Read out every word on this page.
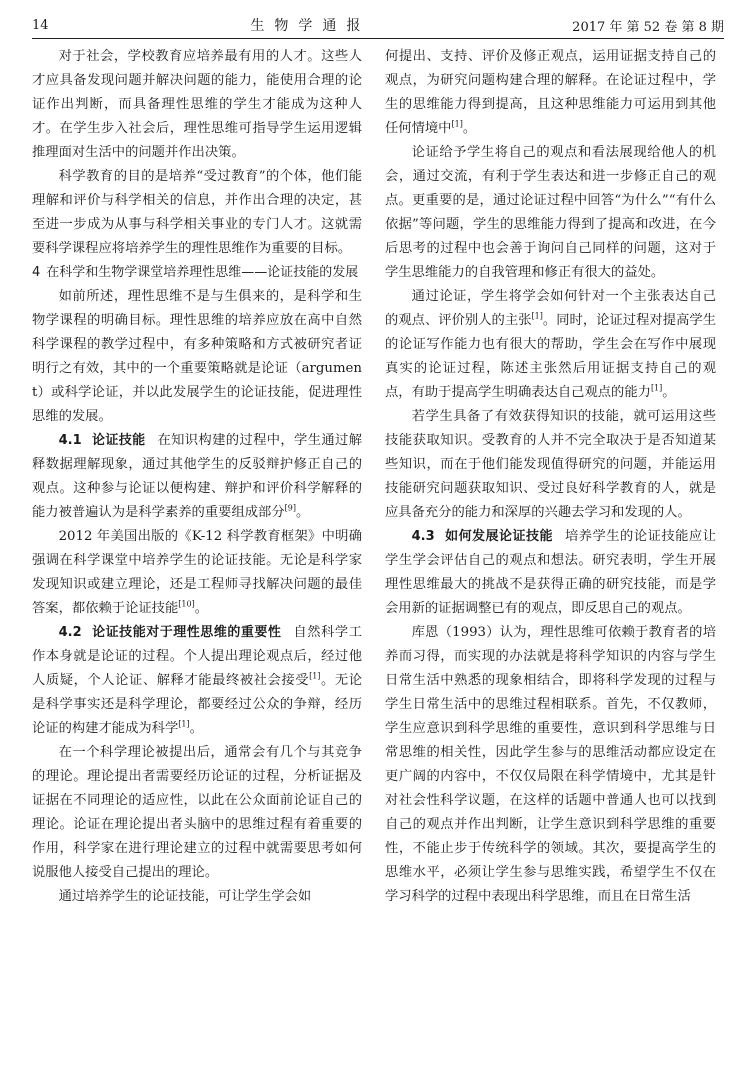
14	生物学通报	2017 年 第 52 卷 第 8 期

对于社会，学校教育应培养最有用的人才。这些人才应具备发现问题并解决问题的能力，能使用合理的论证作出判断，而具备理性思维的学生才能成为这种人才。在学生步入社会后，理性思维可指导学生运用逻辑推理面对生活中的问题并作出决策。

科学教育的目的是培养“受过教育”的个体，他们能理解和评价与科学相关的信息，并作出合理的决定，甚至进一步成为从事与科学相关事业的专门人才。这就需要科学课程应将培养学生的理性思维作为重要的目标。

4 在科学和生物学课堂培养理性思维——论证技能的发展

如前所述，理性思维不是与生俱来的，是科学和生物学课程的明确目标。理性思维的培养应放在高中自然科学课程的教学过程中，有多种策略和方式被研究者证明行之有效，其中的一个重要策略就是论证（argument）或科学论证，并以此发展学生的论证技能，促进理性思维的发展。

4.1 论证技能 在知识构建的过程中，学生通过解释数据理解现象，通过其他学生的反驳辩护修正自己的观点。这种参与论证以便构建、辩护和评价科学解释的能力被普遍认为是科学素养的重要组成部分[9]。

2012 年美国出版的《K-12 科学教育框架》中明确强调在科学课堂中培养学生的论证技能。无论是科学家发现知识或建立理论，还是工程师寻找解决问题的最佳答案，都依赖于论证技能[10]。

4.2 论证技能对于理性思维的重要性 自然科学工作本身就是论证的过程。个人提出理论观点后，经过他人质疑，个人论证、解释才能最终被社会接受[1]。无论是科学事实还是科学理论，都要经过公众的争辩，经历论证的构建才能成为科学[1]。

在一个科学理论被提出后，通常会有几个与其竞争的理论。理论提出者需要经历论证的过程，分析证据及证据在不同理论的适应性，以此在公众面前论证自己的理论。论证在理论提出者头脑中的思维过程有着重要的作用，科学家在进行理论建立的过程中就需要思考如何说服他人接受自己提出的理论。

通过培养学生的论证技能，可让学生学会如

何提出、支持、评价及修正观点，运用证据支持自己的观点，为研究问题构建合理的解释。在论证过程中，学生的思维能力得到提高，且这种思维能力可运用到其他任何情境中[1]。

论证给予学生将自己的观点和看法展现给他人的机会，通过交流，有利于学生表达和进一步修正自己的观点。更重要的是，通过论证过程中回答“为什么”“有什么依据”等问题，学生的思维能力得到了提高和改进，在今后思考的过程中也会善于询问自己同样的问题，这对于学生思维能力的自我管理和修正有很大的益处。

通过论证，学生将学会如何针对一个主张表达自己的观点、评价别人的主张[1]。同时，论证过程对提高学生的论证写作能力也有很大的帮助，学生会在写作中展现真实的论证过程，陈述主张然后用证据支持自己的观点，有助于提高学生明确表达自己观点的能力[1]。

若学生具备了有效获得知识的技能，就可运用这些技能获取知识。受教育的人并不完全取决于是否知道某些知识，而在于他们能发现值得研究的问题，并能运用技能研究问题获取知识、受过良好科学教育的人，就是应具备充分的能力和深厚的兴趣去学习和发现的人。

4.3 如何发展论证技能 培养学生的论证技能应让学生学会评估自己的观点和想法。研究表明，学生开展理性思维最大的挑战不是获得正确的研究技能，而是学会用新的证据调整已有的观点，即反思自己的观点。

库恩（1993）认为，理性思维可依赖于教育者的培养而习得，而实现的办法就是将科学知识的内容与学生日常生活中熟悉的现象相结合，即将科学发现的过程与学生日常生活中的思维过程相联系。首先，不仅教师，学生应意识到科学思维的重要性，意识到科学思维与日常思维的相关性，因此学生参与的思维活动都应设定在更广阔的内容中，不仅仅局限在科学情境中，尤其是针对社会性科学议题，在这样的话题中普通人也可以找到自己的观点并作出判断，让学生意识到科学思维的重要性，不能止步于传统科学的领域。其次，要提高学生的思维水平，必须让学生参与思维实践，希望学生不仅在学习科学的过程中表现出科学思维，而且在日常生活
